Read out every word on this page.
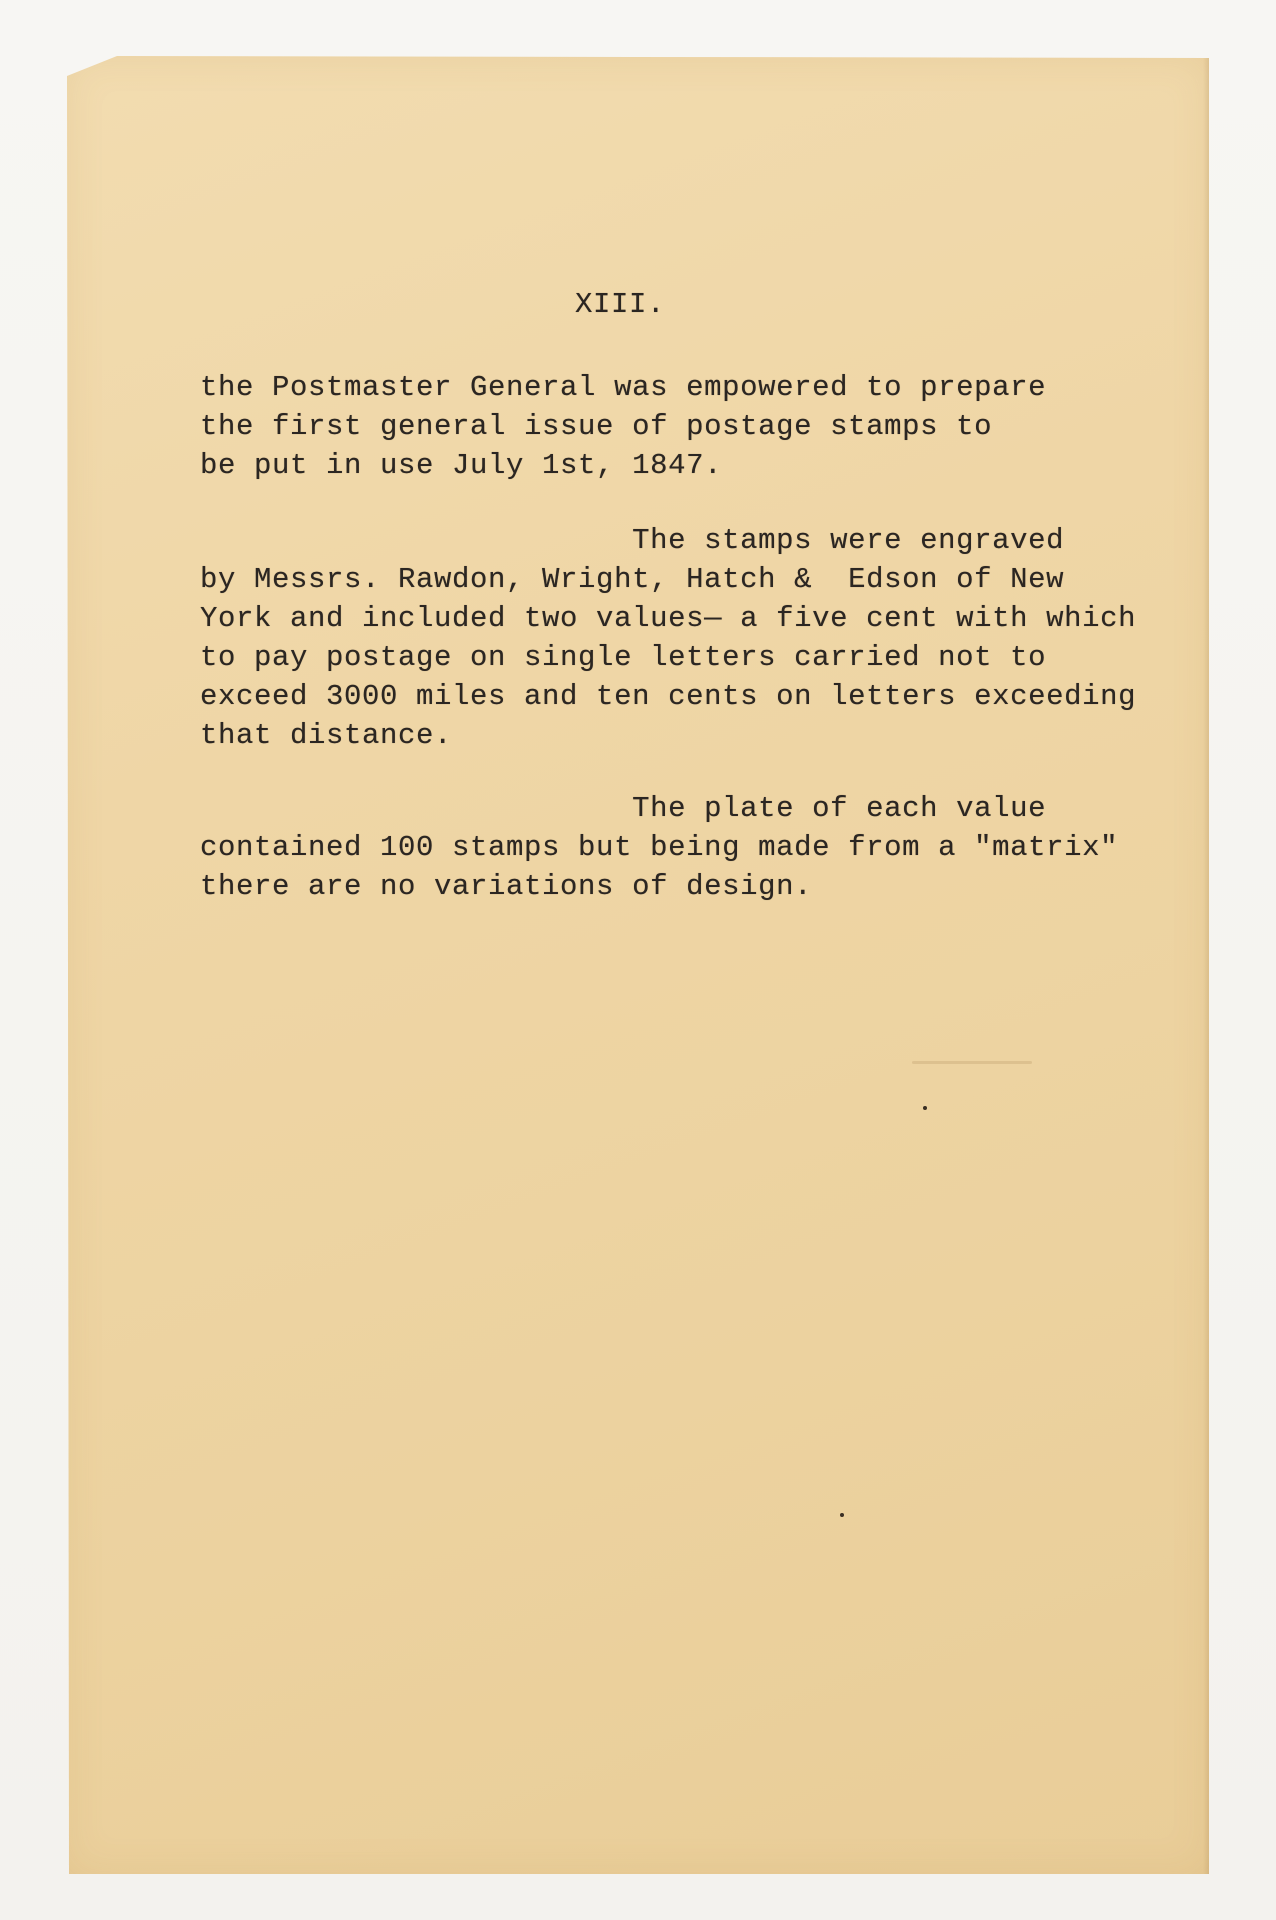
XIII.

the Postmaster General was empowered to prepare
the first general issue of postage stamps to
be put in use July 1st, 1847.

The stamps were engraved
by Messrs. Rawdon, Wright, Hatch &  Edson of New
York and included two values— a five cent with which
to pay postage on single letters carried not to
exceed 3000 miles and ten cents on letters exceeding
that distance.

The plate of each value
contained 100 stamps but being made from a "matrix"
there are no variations of design.
